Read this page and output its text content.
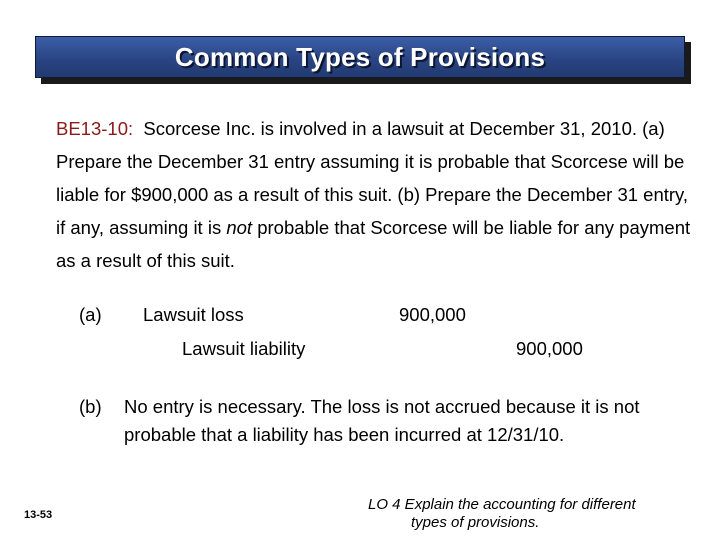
Common Types of Provisions
BE13-10: Scorcese Inc. is involved in a lawsuit at December 31, 2010. (a) Prepare the December 31 entry assuming it is probable that Scorcese will be liable for $900,000 as a result of this suit. (b) Prepare the December 31 entry, if any, assuming it is not probable that Scorcese will be liable for any payment as a result of this suit.
(a) Lawsuit loss	900,000
Lawsuit liability	900,000
(b) No entry is necessary. The loss is not accrued because it is not probable that a liability has been incurred at 12/31/10.
13-53
LO 4 Explain the accounting for different
types of provisions.
